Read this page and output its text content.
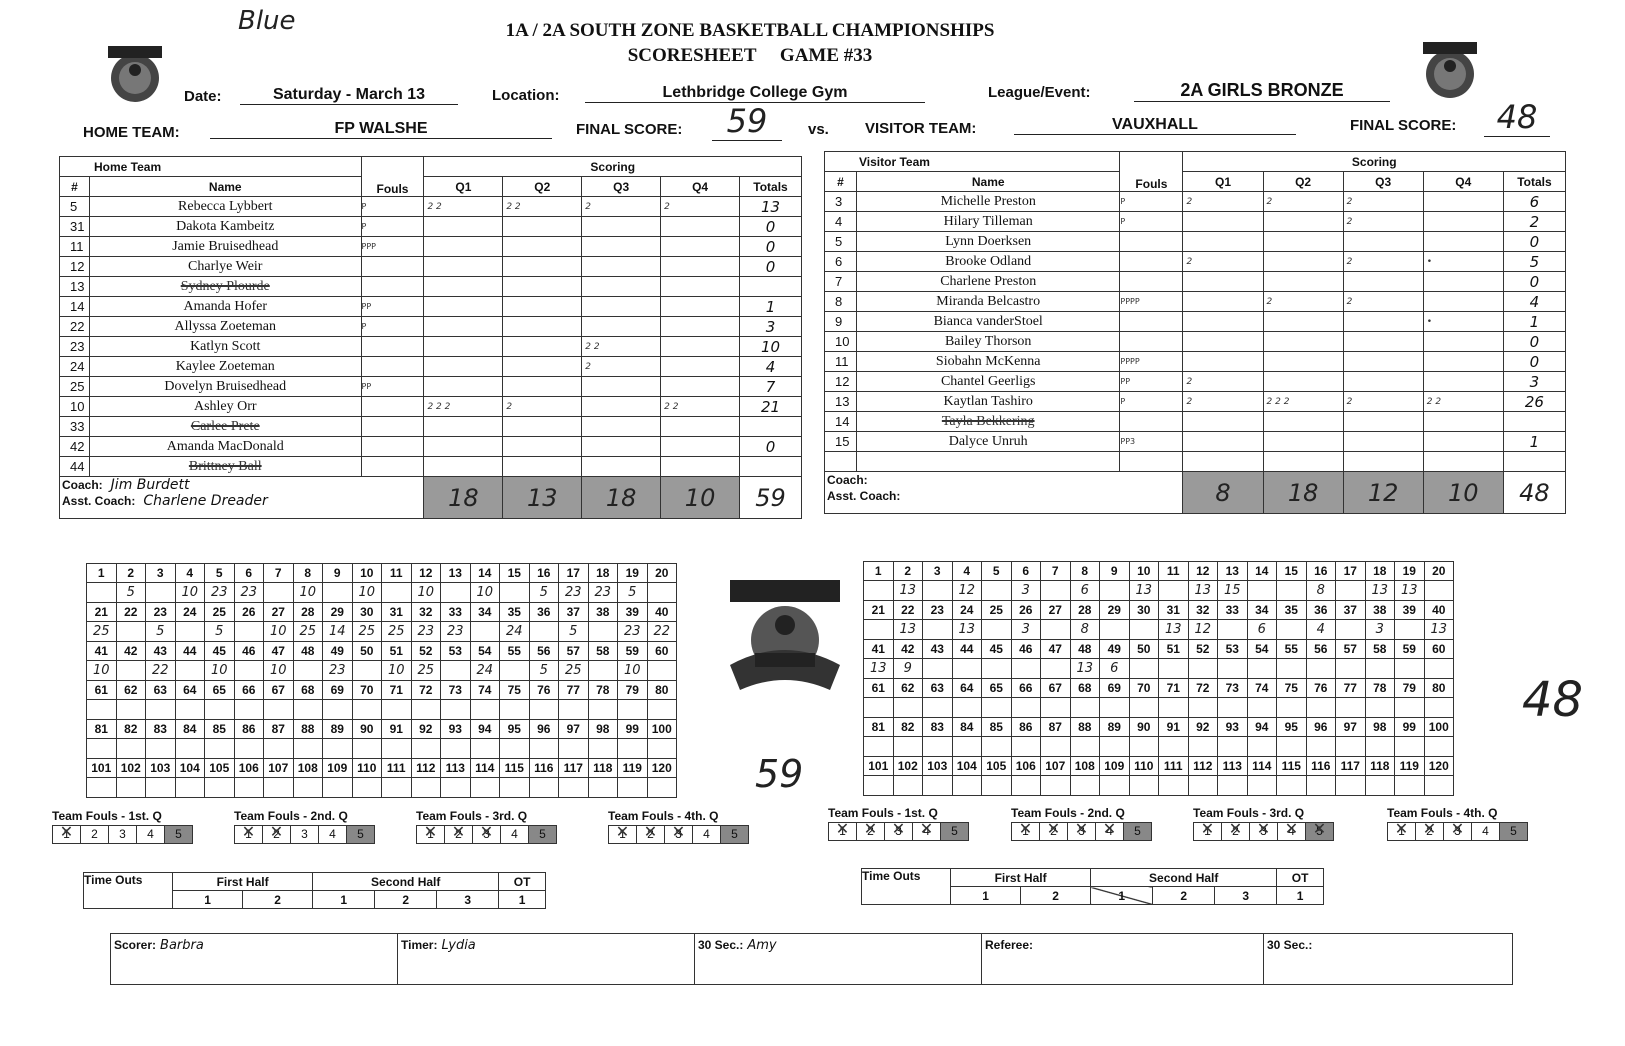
Blue	1A / 2A SOUTH ZONE BASKETBALL CHAMPIONSHIPS
SCORESHEET     GAME #33
Date:	Saturday - March 13	Location:	Lethbridge College Gym	League/Event:	2A GIRLS BRONZE
HOME TEAM:	FP WALSHE	FINAL SCORE:	59	vs. VISITOR TEAM:	VAUXHALL	FINAL SCORE:	48
Home Team		Fouls	Scoring				
#	Name		Q1	Q2	Q3	Q4	Totals
5	Rebecca Lybbert	P	2 2	2 2	2	2	13
31	Dakota Kambeitz	P					0
11	Jamie Bruisedhead	PPP					0
12	Charlye Weir						0
13	Sydney Plourde						
14	Amanda Hofer	PP					1
22	Allyssa Zoeteman	P					3
23	Katlyn Scott				2 2		10
24	Kaylee Zoeteman				2		4
25	Dovelyn Bruisedhead	PP					7
10	Ashley Orr		2 2 2	2		2 2	21
33	Carlee Prete						
42	Amanda MacDonald						0
44	Brittney Ball						

Coach: Jim Burdett
Asst. Coach: Charlene Dreader			18	13	18	10	59
Visitor Team		Fouls	Scoring				
#	Name		Q1	Q2	Q3	Q4	Totals
3	Michelle Preston	P	2	2	2		6
4	Hilary Tilleman	P			2		2
5	Lynn Doerksen						0
6	Brooke Odland		2		2	•	5
7	Charlene Preston						0
8	Miranda Belcastro	PPPP		2	2		4
9	Bianca vanderStoel					•	1
10	Bailey Thorson						0
11	Siobahn McKenna	PPPP					0
12	Chantel Geerligs	PP	2				3
13	Kaytlan Tashiro	P	2	2 2 2	2	2 2	26
14	Tayla Bekkering						
15	Dalyce Unruh	PP3					1

Coach:
Asst. Coach:			8	18	12	10	48
1	2	3	4	5	6	7	8	9	10	11	12	13	14	15	16	17	18	19	20
	5		10	23	23		10		10		10		10		5	23	23	5	
21	22	23	24	25	26	27	28	29	30	31	32	33	34	35	36	37	38	39	40
25		5		5		10	25	14	25	25	23	23		24		5		23	22
41	42	43	44	45	46	47	48	49	50	51	52	53	54	55	56	57	58	59	60
10		22		10		10		23		10	25		24		5	25		10	
61	62	63	64	65	66	67	68	69	70	71	72	73	74	75	76	77	78	79	80

81	82	83	84	85	86	87	88	89	90	91	92	93	94	95	96	97	98	99	100

101	102	103	104	105	106	107	108	109	110	111	112	113	114	115	116	117	118	119	120

1	2	3	4	5	6	7	8	9	10	11	12	13	14	15	16	17	18	19	20
	13		12		3		6		13		13	15			8		13	13	
21	22	23	24	25	26	27	28	29	30	31	32	33	34	35	36	37	38	39	40
	13		13		3		8			13	12		6		4		3		13
41	42	43	44	45	46	47	48	49	50	51	52	53	54	55	56	57	58	59	60
13	9						13	6											
61	62	63	64	65	66	67	68	69	70	71	72	73	74	75	76	77	78	79	80

81	82	83	84	85	86	87	88	89	90	91	92	93	94	95	96	97	98	99	100

101	102	103	104	105	106	107	108	109	110	111	112	113	114	115	116	117	118	119	120

59
48
Team Fouls - 1st. Q
1 ✕	2	3	4	5
Team Fouls - 2nd. Q
1 ✕	2 ✕	3	4	5
Team Fouls - 3rd. Q
1 ✕	2 ✕	3 ✕	4	5
Team Fouls - 4th. Q
1 ✕	2 ✕	3 ✕	4	5
Team Fouls - 1st. Q
1 ✕	2 ✕	3 ✕	4 ✕	5
Team Fouls - 2nd. Q
1 ✕	2 ✕	3 ✕	4 ✕	5
Team Fouls - 3rd. Q
1 ✕	2 ✕	3 ✕	4 ✕	5 ✕
Team Fouls - 4th. Q
1 ✕	2 ✕	3 ✕	4	5
Time Outs	First Half		Second Half			OT
	1	2	1	2	3	1
Time Outs	First Half		Second Half			OT
	1	2	1	2	3	1
Scorer: Barbra	Timer: Lydia	30 Sec.: Amy	Referee:	30 Sec.:
